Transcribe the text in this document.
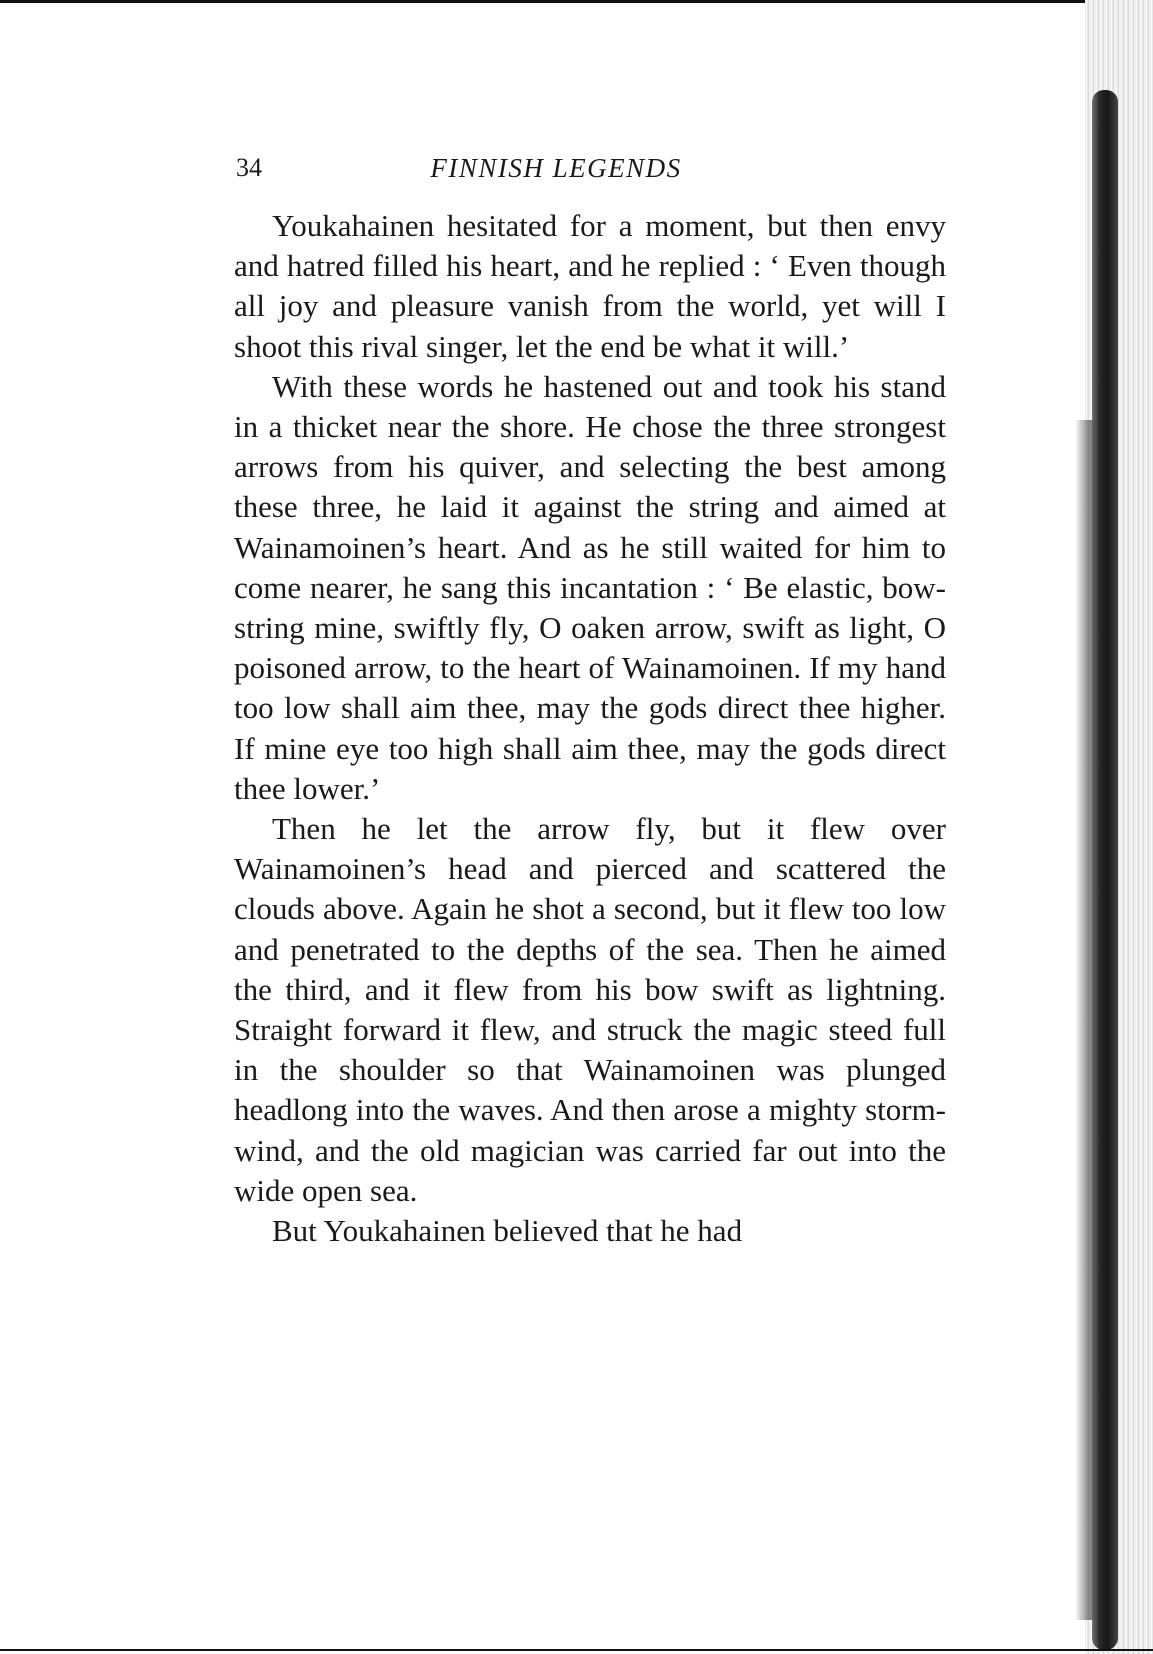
34	FINNISH LEGENDS

Youkahainen hesitated for a moment, but then envy and hatred filled his heart, and he replied : ‘ Even though all joy and pleasure vanish from the world, yet will I shoot this rival singer, let the end be what it will.’

With these words he hastened out and took his stand in a thicket near the shore. He chose the three strongest arrows from his quiver, and selecting the best among these three, he laid it against the string and aimed at Wainamoinen’s heart. And as he still waited for him to come nearer, he sang this incantation : ‘ Be elastic, bow-string mine, swiftly fly, O oaken arrow, swift as light, O poisoned arrow, to the heart of Wainamoinen. If my hand too low shall aim thee, may the gods direct thee higher. If mine eye too high shall aim thee, may the gods direct thee lower.’

Then he let the arrow fly, but it flew over Wainamoinen’s head and pierced and scattered the clouds above. Again he shot a second, but it flew too low and penetrated to the depths of the sea. Then he aimed the third, and it flew from his bow swift as lightning. Straight forward it flew, and struck the magic steed full in the shoulder so that Wainamoinen was plunged headlong into the waves. And then arose a mighty storm-wind, and the old magician was carried far out into the wide open sea.

But Youkahainen believed that he had
